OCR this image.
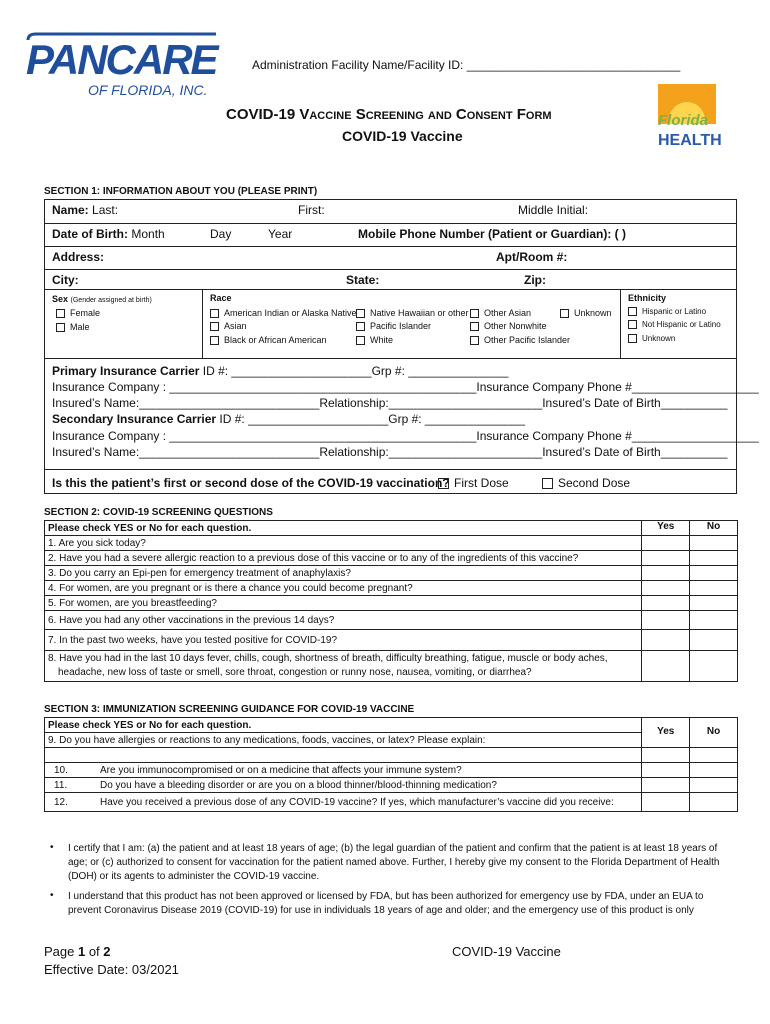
PANCARE
OF FLORIDA, INC.
Administration Facility Name/Facility ID: ________________________________
COVID-19 Vaccine Screening and Consent Form
COVID-19 Vaccine
Florida
HEALTH
SECTION 1: INFORMATION ABOUT YOU (PLEASE PRINT)
Name: Last:	First:	Middle Initial:
Date of Birth: Month	Day	Year	Mobile Phone Number (Patient or Guardian): ( )
Address:	Apt/Room #:
City:	State:	Zip:
Sex (Gender assigned at birth)
Female
Male
Race
American Indian or Alaska Native
Asian
Black or African American
Native Hawaiian or other
Pacific Islander
White
Other Asian
Other Nonwhite
Other Pacific Islander
Unknown
Ethnicity
Hispanic or Latino
Not Hispanic or Latino
Unknown
Primary Insurance Carrier ID #: _____________________Grp #: _______________
Insurance Company : ______________________________________________Insurance Company Phone #___________________
Insured’s Name:___________________________Relationship:_______________________Insured’s Date of Birth__________
Secondary Insurance Carrier ID #: _____________________Grp #: _______________
Insurance Company : ______________________________________________Insurance Company Phone #___________________
Insured’s Name:___________________________Relationship:_______________________Insured’s Date of Birth__________
Is this the patient’s first or second dose of the COVID-19 vaccination? First Dose	Second Dose
SECTION 2: COVID-19 SCREENING QUESTIONS
Please check YES or No for each question.	Yes	No
1. Are you sick today?		
2. Have you had a severe allergic reaction to a previous dose of this vaccine or to any of the ingredients of this vaccine?		
3. Do you carry an Epi-pen for emergency treatment of anaphylaxis?		
4. For women, are you pregnant or is there a chance you could become pregnant?		
5. For women, are you breastfeeding?		
6. Have you had any other vaccinations in the previous 14 days?		
7. In the past two weeks, have you tested positive for COVID-19?		

8. Have you had in the last 10 days fever, chills, cough, shortness of breath, difficulty breathing, fatigue, muscle or body aches,
headache, new loss of taste or smell, sore throat, congestion or runny nose, nausea, vomiting, or diarrhea?		

SECTION 3: IMMUNIZATION SCREENING GUIDANCE FOR COVID-19 VACCINE
Please check YES or No for each question.	Yes	No

9. Do you have allergies or reactions to any medications, foods, vaccines, or latex? Please explain:		

10. Are you immunocompromised or on a medicine that affects your immune system?		
11. Do you have a bleeding disorder or are you on a blood thinner/blood-thinning medication?		
12. Have you received a previous dose of any COVID-19 vaccine? If yes, which manufacturer’s vaccine did you receive:		
• I certify that I am: (a) the patient and at least 18 years of age; (b) the legal guardian of the patient and confirm that the patient is at least 18 years of age; or (c) authorized to consent for vaccination for the patient named above. Further, I hereby give my consent to the Florida Department of Health (DOH) or its agents to administer the COVID-19 vaccine.
• I understand that this product has not been approved or licensed by FDA, but has been authorized for emergency use by FDA, under an EUA to prevent Coronavirus Disease 2019 (COVID-19) for use in individuals 18 years of age and older; and the emergency use of this product is only
Page 1 of 2
Effective Date: 03/2021
COVID-19 Vaccine
